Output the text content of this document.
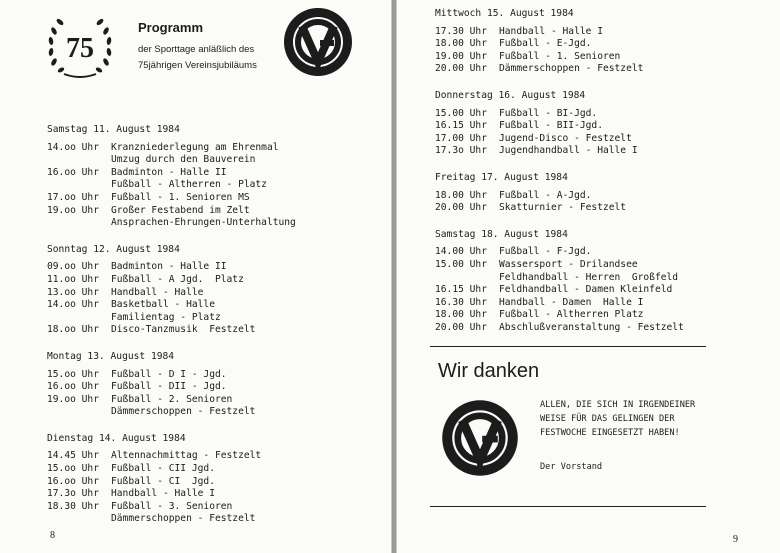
75
Programm
der Sporttage anläßlich des
75jährigen Vereinsjubiläums
Samstag 11. August 1984
14.oo Uhr	Kranzniederlegung am Ehrenmal
Umzug durch den Bauverein
16.oo Uhr	Badminton - Halle II
Fußball - Altherren - Platz
17.oo Uhr	Fußball - 1. Senioren MS
19.oo Uhr	Großer Festabend im Zelt
Ansprachen-Ehrungen-Unterhaltung
Sonntag 12. August 1984
09.oo Uhr	Badminton - Halle II
11.oo Uhr	Fußball - A Jgd.  Platz
13.oo Uhr	Handball - Halle
14.oo Uhr	Basketball - Halle
Familientag - Platz
18.oo Uhr	Disco-Tanzmusik  Festzelt
Montag 13. August 1984
15.oo Uhr	Fußball - D I - Jgd.
16.oo Uhr	Fußball - DII - Jgd.
19.oo Uhr	Fußball - 2. Senioren
Dämmerschoppen - Festzelt
Dienstag 14. August 1984
14.45 Uhr	Altennachmittag - Festzelt
15.oo Uhr	Fußball - CII Jgd.
16.oo Uhr	Fußball - CI  Jgd.
17.3o Uhr	Handball - Halle I
18.30 Uhr	Fußball - 3. Senioren
Dämmerschoppen - Festzelt
8
Mittwoch 15. August 1984
17.30 Uhr	Handball - Halle I
18.00 Uhr	Fußball - E-Jgd.
19.00 Uhr	Fußball - 1. Senioren
20.00 Uhr	Dämmerschoppen - Festzelt
Donnerstag 16. August 1984
15.00 Uhr	Fußball - BI-Jgd.
16.15 Uhr	Fußball - BII-Jgd.
17.00 Uhr	Jugend-Disco - Festzelt
17.3o Uhr	Jugendhandball - Halle I
Freitag 17. August 1984
18.00 Uhr	Fußball - A-Jgd.
20.00 Uhr	Skatturnier - Festzelt
Samstag 18. August 1984
14.00 Uhr	Fußball - F-Jgd.
15.00 Uhr	Wassersport - Drilandsee
Feldhandball - Herren  Großfeld
16.15 Uhr	Feldhandball - Damen Kleinfeld
16.30 Uhr	Handball - Damen  Halle I
18.00 Uhr	Fußball - Altherren Platz
20.00 Uhr	Abschlußveranstaltung - Festzelt
9
Wir danken
ALLEN, DIE SICH IN IRGENDEINER WEISE FÜR DAS GELINGEN DER FESTWOCHE EINGESETZT HABEN!
Der Vorstand
